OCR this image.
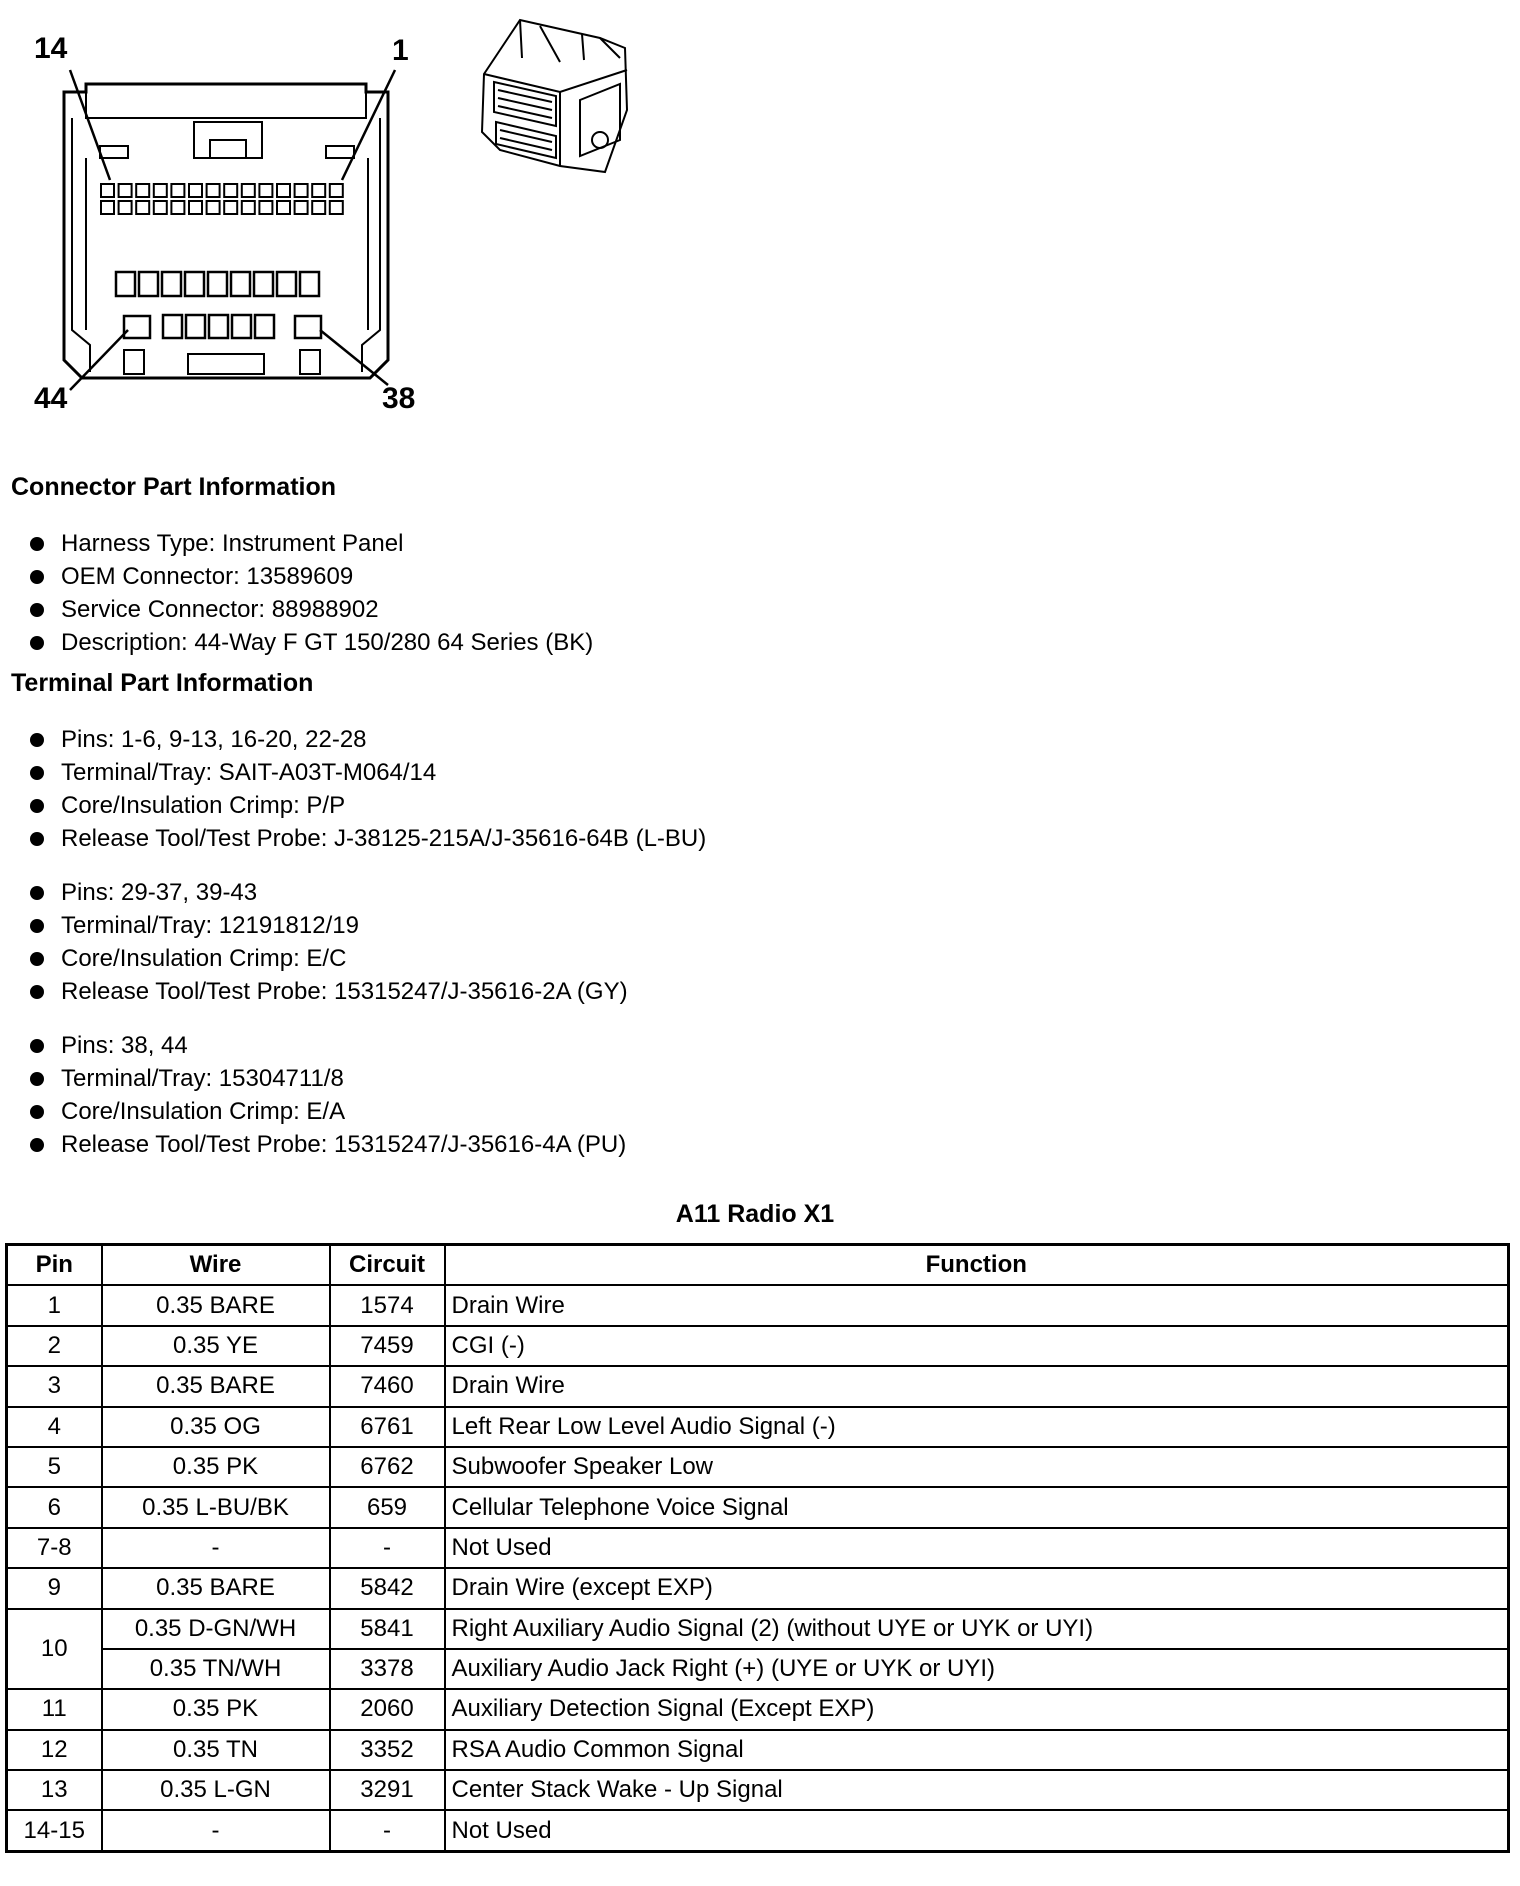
14	1
44	38
Connector Part Information
Harness Type: Instrument Panel
OEM Connector: 13589609
Service Connector: 88988902
Description: 44-Way F GT 150/280 64 Series (BK)
Terminal Part Information
Pins: 1-6, 9-13, 16-20, 22-28
Terminal/Tray: SAIT-A03T-M064/14
Core/Insulation Crimp: P/P
Release Tool/Test Probe: J-38125-215A/J-35616-64B (L-BU)
Pins: 29-37, 39-43
Terminal/Tray: 12191812/19
Core/Insulation Crimp: E/C
Release Tool/Test Probe: 15315247/J-35616-2A (GY)
Pins: 38, 44
Terminal/Tray: 15304711/8
Core/Insulation Crimp: E/A
Release Tool/Test Probe: 15315247/J-35616-4A (PU)
A11 Radio X1
Pin	Wire	Circuit	Function
1	0.35 BARE	1574	Drain Wire
2	0.35 YE	7459	CGI (-)
3	0.35 BARE	7460	Drain Wire
4	0.35 OG	6761	Left Rear Low Level Audio Signal (-)
5	0.35 PK	6762	Subwoofer Speaker Low
6	0.35 L-BU/BK	659	Cellular Telephone Voice Signal
7-8	-	-	Not Used
9	0.35 BARE	5842	Drain Wire (except EXP)
10	0.35 D-GN/WH	5841	Right Auxiliary Audio Signal (2) (without UYE or UYK or UYI)
	0.35 TN/WH	3378	Auxiliary Audio Jack Right (+) (UYE or UYK or UYI)
11	0.35 PK	2060	Auxiliary Detection Signal (Except EXP)
12	0.35 TN	3352	RSA Audio Common Signal
13	0.35 L-GN	3291	Center Stack Wake - Up Signal
14-15	-	-	Not Used
